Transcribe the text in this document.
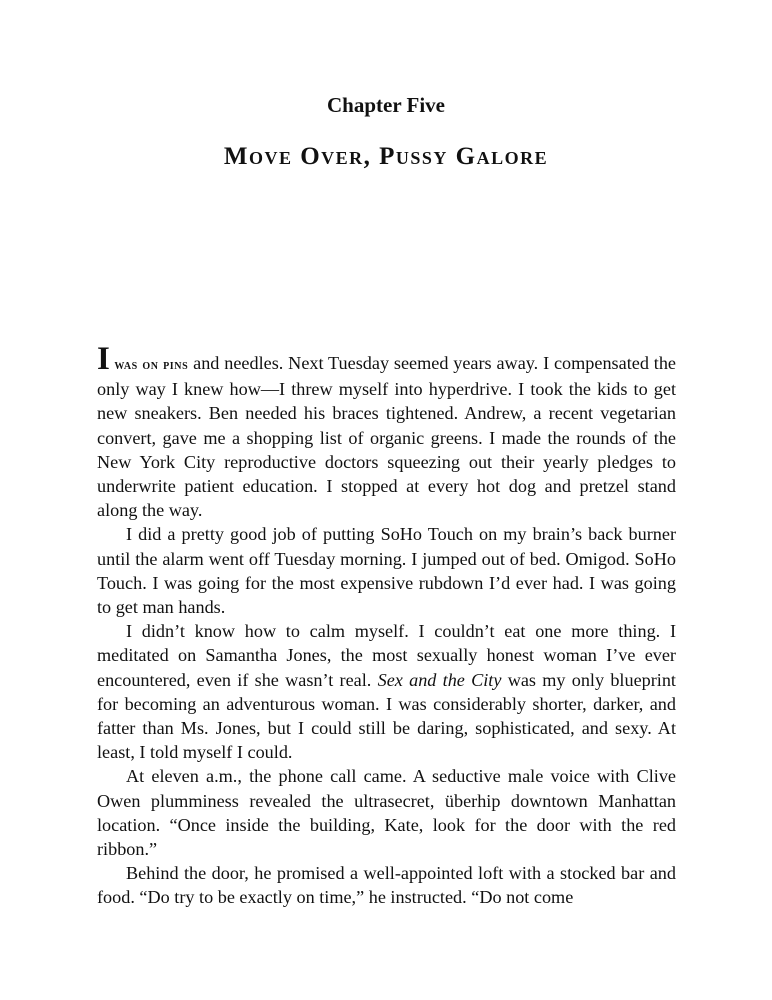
Chapter Five
Move Over, Pussy Galore

I was on pins and needles. Next Tuesday seemed years away. I compensated the only way I knew how—I threw myself into hyperdrive. I took the kids to get new sneakers. Ben needed his braces tightened. Andrew, a recent vegetarian convert, gave me a shopping list of organic greens. I made the rounds of the New York City reproductive doctors squeezing out their yearly pledges to underwrite patient education. I stopped at every hot dog and pretzel stand along the way.

I did a pretty good job of putting SoHo Touch on my brain’s back burner until the alarm went off Tuesday morning. I jumped out of bed. Omigod. SoHo Touch. I was going for the most expensive rubdown I’d ever had. I was going to get man hands.

I didn’t know how to calm myself. I couldn’t eat one more thing. I meditated on Samantha Jones, the most sexually honest woman I’ve ever encountered, even if she wasn’t real. Sex and the City was my only blueprint for becoming an adventurous woman. I was considerably shorter, darker, and fatter than Ms. Jones, but I could still be daring, sophisticated, and sexy. At least, I told myself I could.

At eleven a.m., the phone call came. A seductive male voice with Clive Owen plumminess revealed the ultrasecret, überhip downtown Manhattan location. “Once inside the building, Kate, look for the door with the red ribbon.”

Behind the door, he promised a well-appointed loft with a stocked bar and food. “Do try to be exactly on time,” he instructed. “Do not come
